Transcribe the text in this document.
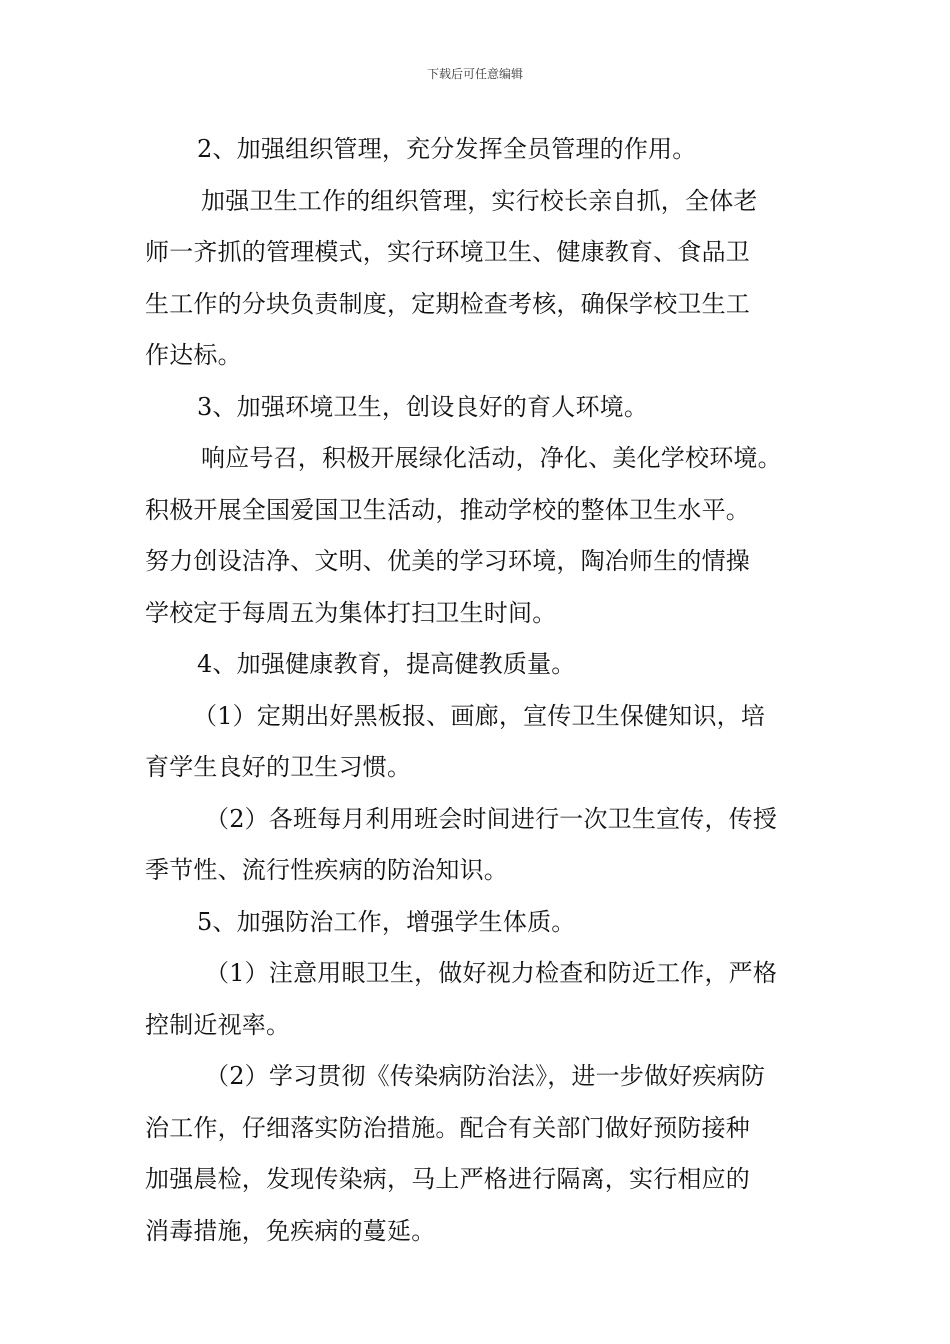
下载后可任意编辑
2、加强组织管理，充分发挥全员管理的作用。
加强卫生工作的组织管理，实行校长亲自抓，全体老
师一齐抓的管理模式，实行环境卫生、健康教育、食品卫
生工作的分块负责制度，定期检查考核，确保学校卫生工
作达标。
3、加强环境卫生，创设良好的育人环境。
响应号召，积极开展绿化活动，净化、美化学校环境。
积极开展全国爱国卫生活动，推动学校的整体卫生水平。
努力创设洁净、文明、优美的学习环境，陶冶师生的情操
学校定于每周五为集体打扫卫生时间。
4、加强健康教育，提高健教质量。
（1）定期出好黑板报、画廊，宣传卫生保健知识，培
育学生良好的卫生习惯。
（2）各班每月利用班会时间进行一次卫生宣传，传授
季节性、流行性疾病的防治知识。
5、加强防治工作，增强学生体质。
（1）注意用眼卫生，做好视力检查和防近工作，严格
控制近视率。
（2）学习贯彻《传染病防治法》，进一步做好疾病防
治工作，仔细落实防治措施。配合有关部门做好预防接种
加强晨检，发现传染病，马上严格进行隔离，实行相应的
消毒措施，免疾病的蔓延。
